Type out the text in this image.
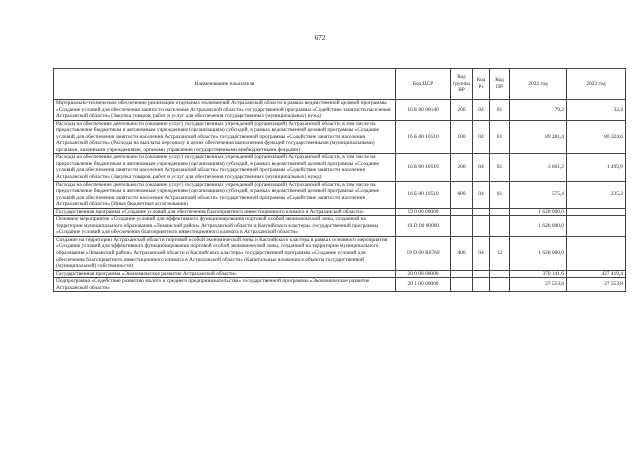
672
Наименование показателя	Код ЦСР	Код группы ВР	Код Рз	Код ПР	2022 год	2023 год
Материально-техническое обеспечение реализации отдельных полномочий Астраханской области в рамках ведомственной целевой программы «Создание условий для обеспечения занятости населения Астраханской области» государственной программы «Содействие занятости населения Астраханской области» (Закупка товаров, работ и услуг для обеспечения государственных (муниципальных) нужд)	16 Б 00 00140	200	04	01	79,2	32,4
Расходы на обеспечение деятельности (оказание услуг) государственных учреждений (организаций) Астраханской области, в том числе на предоставление бюджетным и автономным учреждениям (организациям) субсидий, в рамках ведомственной целевой программы «Создание условий для обеспечения занятости населения Астраханской области» государственной программы «Содействие занятости населения Астраханской области» (Расходы на выплаты персоналу в целях обеспечения выполнения функций государственными (муниципальными) органами, казенными учреждениями, органами управления государственными внебюджетными фондами)	16 Б 00 10510	100	04	01	89 281,4	80 324,6
Расходы на обеспечение деятельности (оказание услуг) государственных учреждений (организаций) Астраханской области, в том числе на предоставление бюджетным и автономным учреждениям (организациям) субсидий, в рамках ведомственной целевой программы «Создание условий для обеспечения занятости населения Астраханской области» государственной программы «Содействие занятости населения Астраханской области» (Закупка товаров, работ и услуг для обеспечения государственных (муниципальных) нужд)	16 Б 00 10510	200	04	01	3 661,2	1 495,9
Расходы на обеспечение деятельности (оказание услуг) государственных учреждений (организаций) Астраханской области, в том числе на предоставление бюджетным и автономным учреждениям (организациям) субсидий, в рамках ведомственной целевой программы «Создание условий для обеспечения занятости населения Астраханской области» государственной программы «Содействие занятости населения Астраханской области» (Иные бюджетные ассигнования)	16 Б 00 10510	800	04	01	575,4	235,2
Государственная программа «Создание условий для обеспечения благоприятного инвестиционного климата в Астраханской области»	19 0 00 00000				1 628 000,0	
Основное мероприятие «Создание условий для эффективного функционирования портовой особой экономической зоны, созданной на территории муниципального образования «Лиманский район» Астраханской области и Каспийского кластера» государственной программы «Создание условий для обеспечения благоприятного инвестиционного климата в Астраханской области»	19 D 00 00000				1 628 000,0	
Создание на территории Астраханской области портовой особой экономической зоны и Каспийского кластера в рамках основного мероприятия «Создание условий для эффективного функционирования портовой особой экономической зоны, созданной на территории муниципального образования «Лиманский район» Астраханской области и Каспийского кластера» государственной программы «Создание условий для обеспечения благоприятного инвестиционного климата в Астраханской области» (Капитальные вложения в объекты государственной (муниципальной) собственности)	19 D 00 R0760	400	04	12	1 628 000,0	
Государственная программа «Экономическое развитие Астраханской области»	20 0 00 00000				370 141,6	427 419,4
Подпрограмма «Содействие развитию малого и среднего предпринимательства» государственной программы «Экономическое развитие Астраханской области»	20 1 00 00000				27 553,8	27 553,8
